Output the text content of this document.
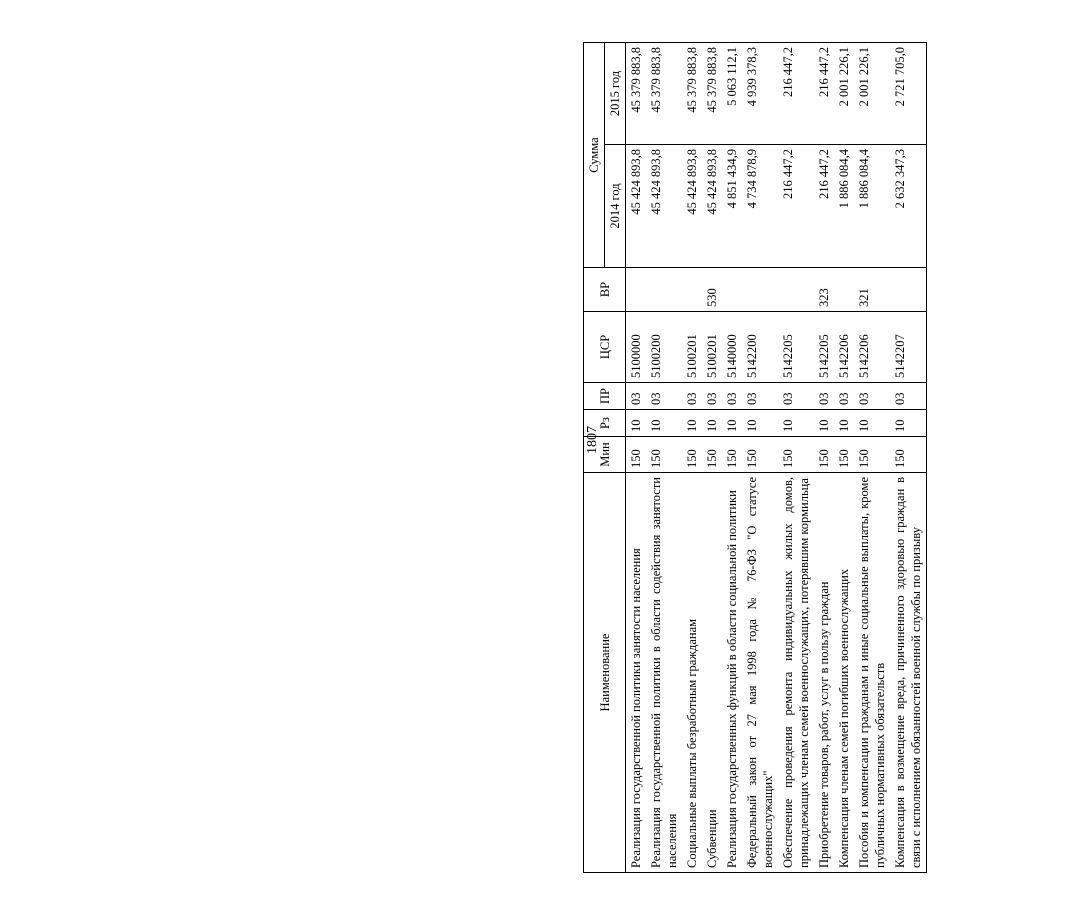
1807
Наименование	Мин	Рз	ПР	ЦСР	ВР	Сумма	
						2014 год	2015 год
Реализация государственной политики занятости населения	150	10	03	5100000		45 424 893,8	45 379 883,8
Реализация государственной политики в области содействия занятости населения	150	10	03	5100200		45 424 893,8	45 379 883,8
Социальные выплаты безработным гражданам	150	10	03	5100201		45 424 893,8	45 379 883,8
Субвенции	150	10	03	5100201	530	45 424 893,8	45 379 883,8
Реализация государственных функций в области социальной политики	150	10	03	5140000		4 851 434,9	5 063 112,1
Федеральный закон от 27 мая 1998 года № 76-ФЗ "О статусе военнослужащих"	150	10	03	5142200		4 734 878,9	4 939 378,3
Обеспечение проведения ремонта индивидуальных жилых домов, принадлежащих членам семей военнослужащих, потерявшим кормильца	150	10	03	5142205		216 447,2	216 447,2
Приобретение товаров, работ, услуг в пользу граждан	150	10	03	5142205	323	216 447,2	216 447,2
Компенсация членам семей погибших военнослужащих	150	10	03	5142206		1 886 084,4	2 001 226,1
Пособия и компенсации гражданам и иные социальные выплаты, кроме публичных нормативных обязательств	150	10	03	5142206	321	1 886 084,4	2 001 226,1
Компенсация в возмещение вреда, причиненного здоровью граждан в связи с исполнением обязанностей военной службы по призыву	150	10	03	5142207		2 632 347,3	2 721 705,0
